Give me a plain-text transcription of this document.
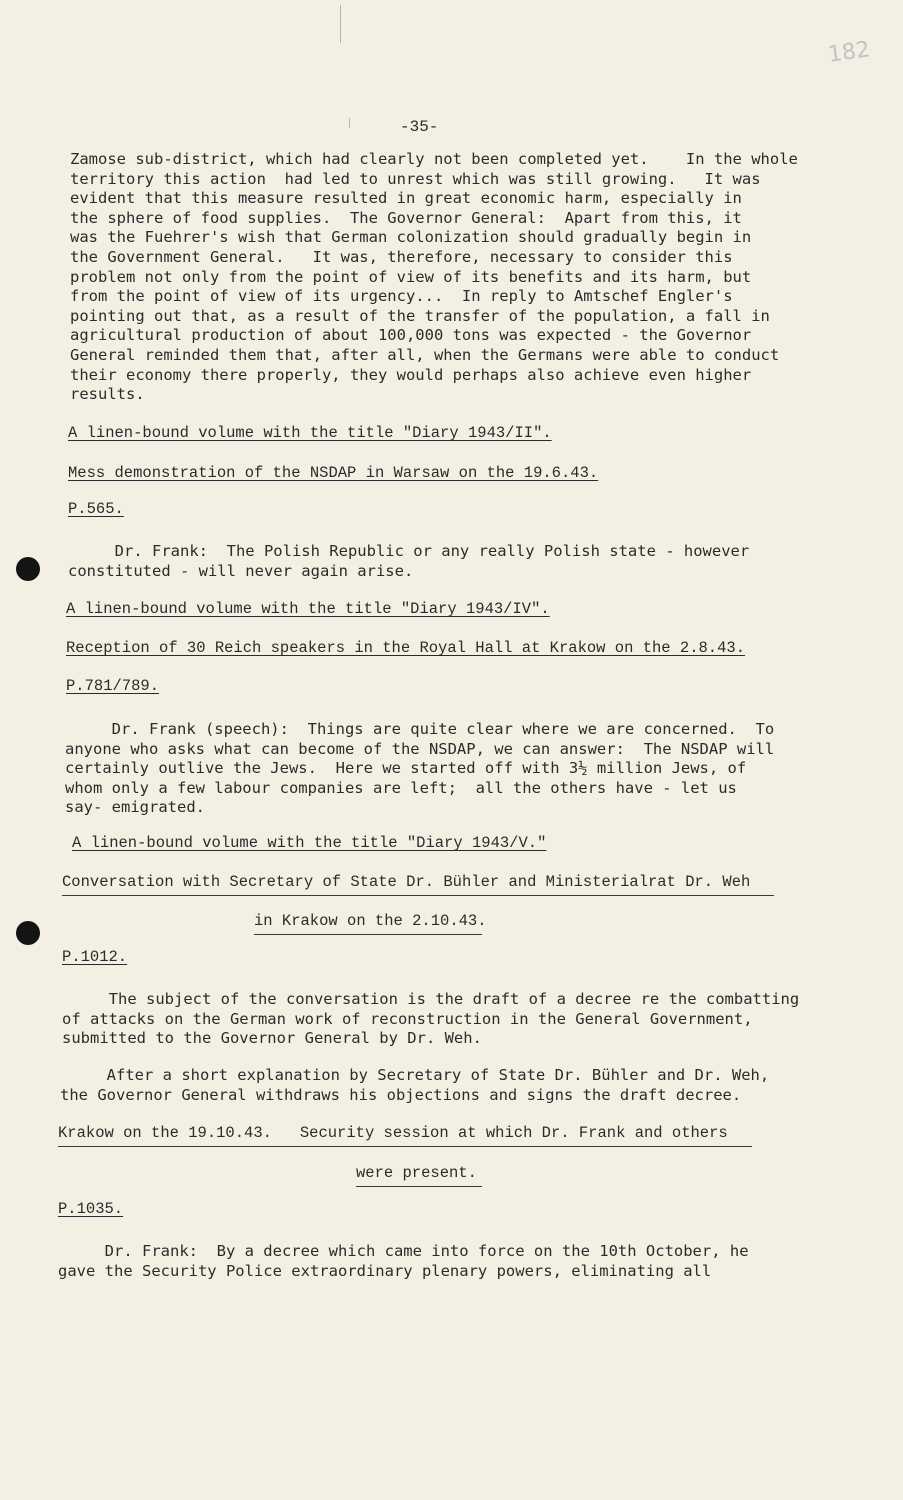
182
-35-
Zamose sub-district, which had clearly not been completed yet.    In the whole
territory this action  had led to unrest which was still growing.   It was
evident that this measure resulted in great economic harm, especially in
the sphere of food supplies.  The Governor General:  Apart from this, it
was the Fuehrer's wish that German colonization should gradually begin in
the Government General.   It was, therefore, necessary to consider this
problem not only from the point of view of its benefits and its harm, but
from the point of view of its urgency...  In reply to Amtschef Engler's
pointing out that, as a result of the transfer of the population, a fall in
agricultural production of about 100,000 tons was expected - the Governor
General reminded them that, after all, when the Germans were able to conduct
their economy there properly, they would perhaps also achieve even higher
results.
A linen-bound volume with the title "Diary 1943/II".
Mess demonstration of the NSDAP in Warsaw on the 19.6.43.
P.565.
Dr. Frank:  The Polish Republic or any really Polish state - however
constituted - will never again arise.
A linen-bound volume with the title "Diary 1943/IV".
Reception of 30 Reich speakers in the Royal Hall at Krakow on the 2.8.43.
P.781/789.
Dr. Frank (speech):  Things are quite clear where we are concerned.  To
anyone who asks what can become of the NSDAP, we can answer:  The NSDAP will
certainly outlive the Jews.  Here we started off with 3½ million Jews, of
whom only a few labour companies are left;  all the others have - let us
say- emigrated.
A linen-bound volume with the title "Diary 1943/V."
Conversation with Secretary of State Dr. Bühler and Ministerialrat Dr. Weh
in Krakow on the 2.10.43.
P.1012.
The subject of the conversation is the draft of a decree re the combatting
of attacks on the German work of reconstruction in the General Government,
submitted to the Governor General by Dr. Weh.
After a short explanation by Secretary of State Dr. Bühler and Dr. Weh,
the Governor General withdraws his objections and signs the draft decree.
Krakow on the 19.10.43.   Security session at which Dr. Frank and others
were present.
P.1035.
Dr. Frank:  By a decree which came into force on the 10th October, he
gave the Security Police extraordinary plenary powers, eliminating all
